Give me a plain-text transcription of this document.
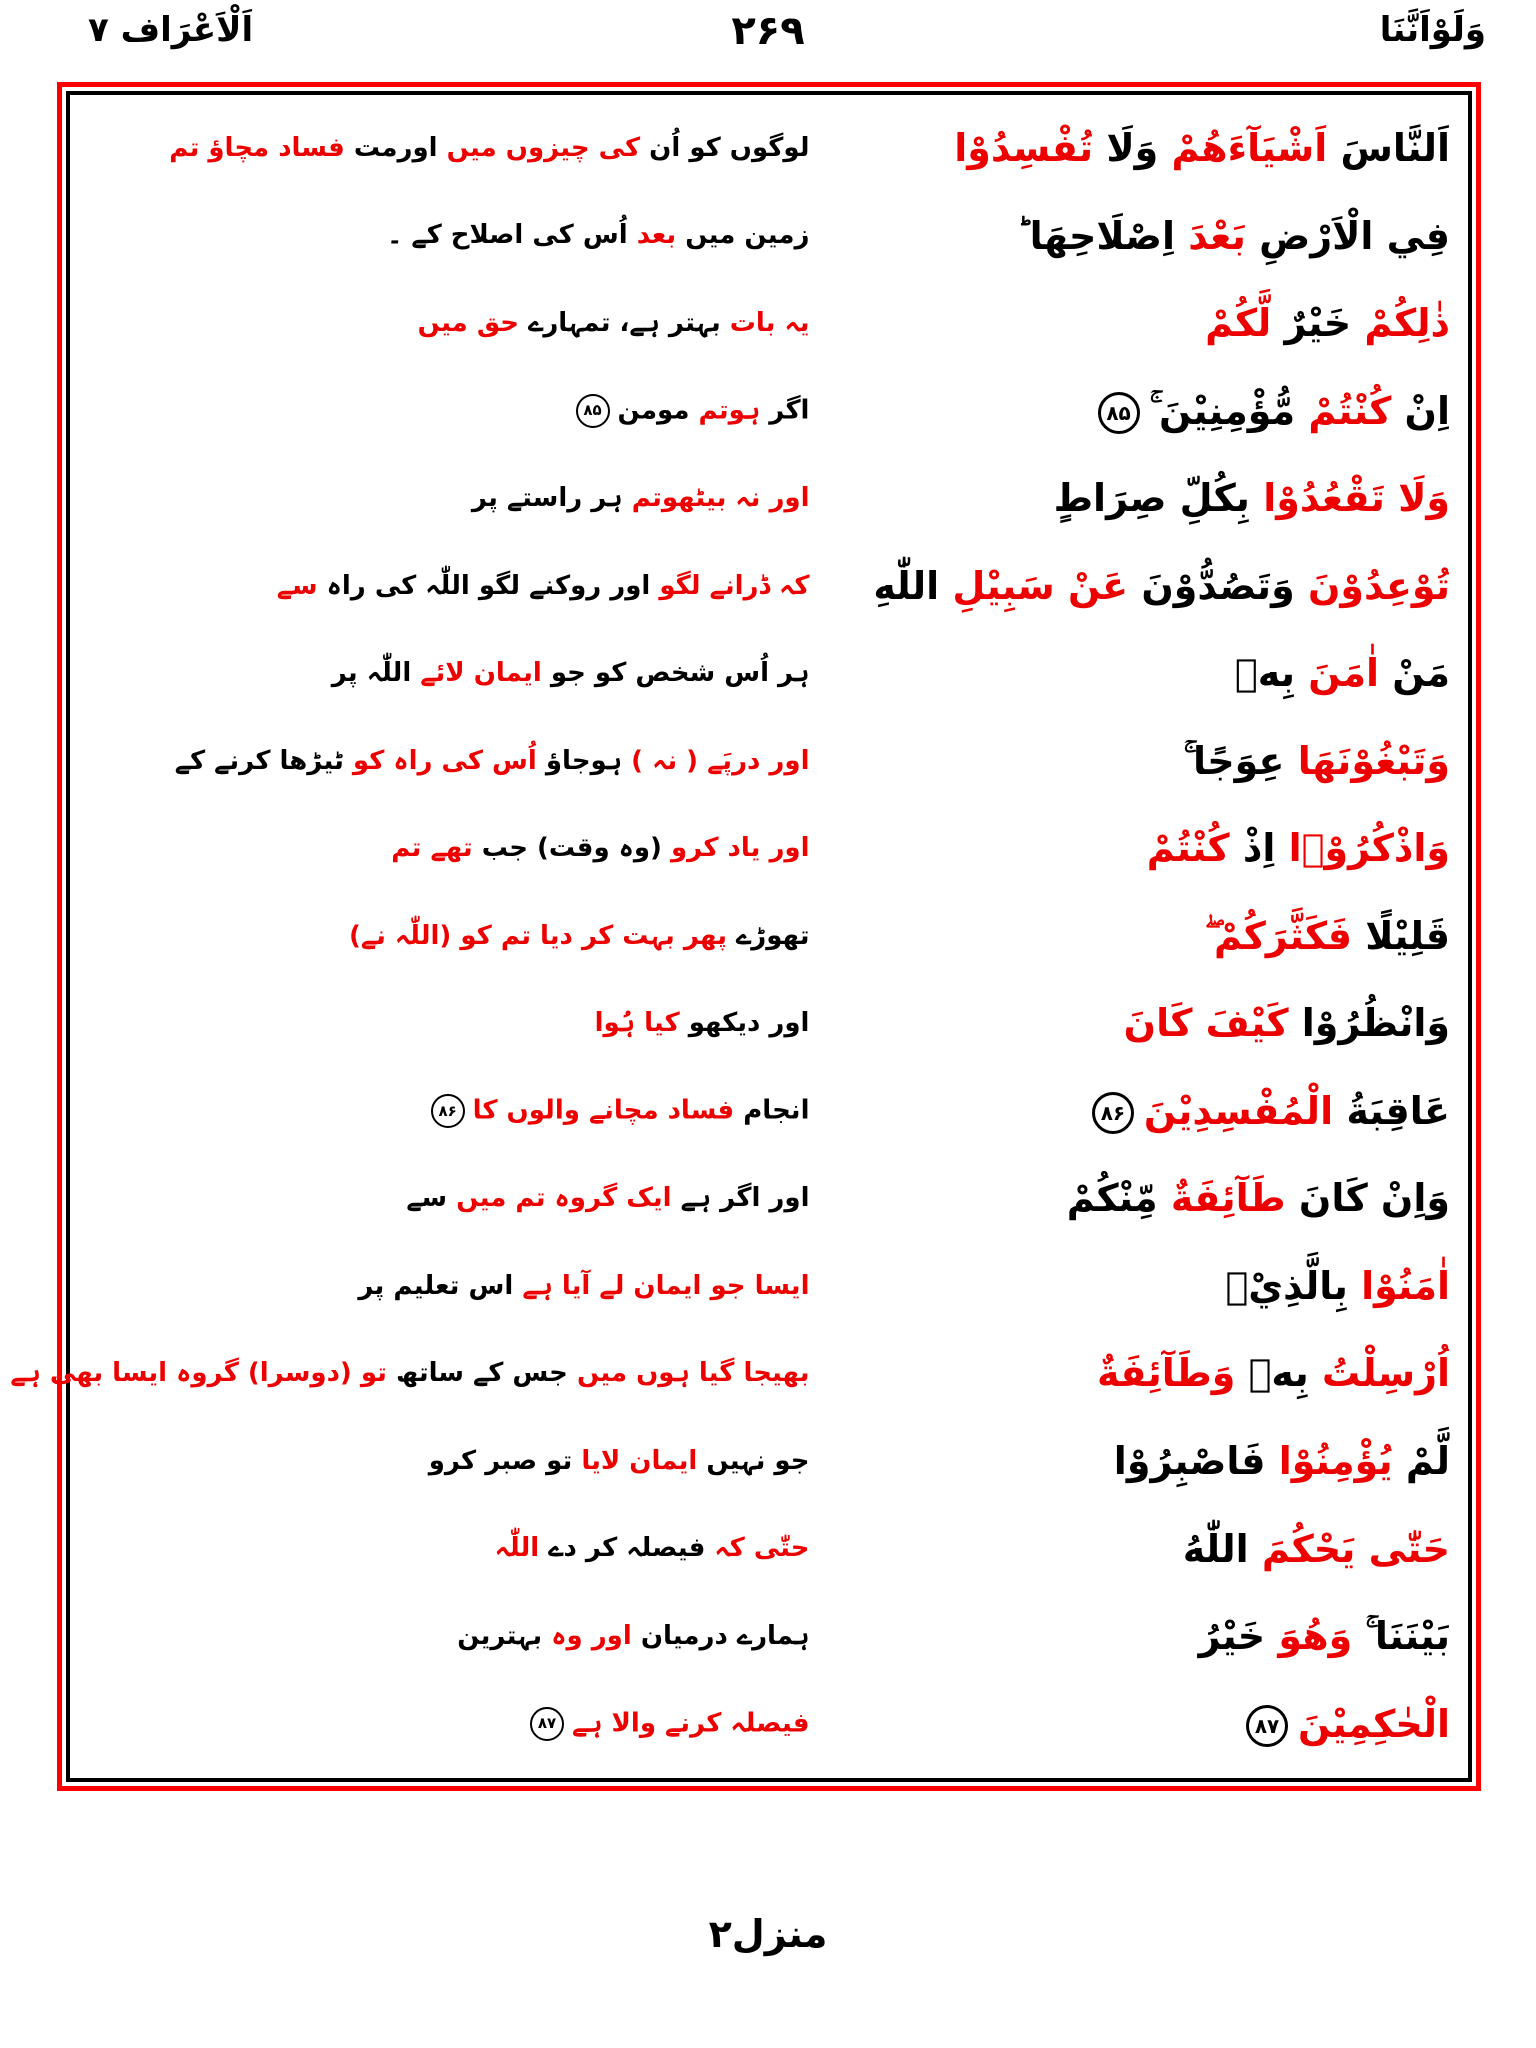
اَلْاَعْرَاف ۷	۲۶۹	وَلَوْاَنَّنَا
اَلنَّاسَ اَشْيَآءَهُمْ وَلَا تُفْسِدُوْا
لوگوں کو اُن کی چیزوں میں اورمت فساد مچاؤ تم
فِي الْاَرْضِ بَعْدَ اِصْلَاحِهَا ؕ
زمین میں بعد اُس کی اصلاح کے ۔
ذٰلِكُمْ خَيْرٌ لَّكُمْ
یہ بات بہتر ہے، تمہارے حق میں
اِنْ كُنْتُمْ مُّؤْمِنِيْنَ ۚ۸۵
اگر ہوتم مومن۸۵
وَلَا تَقْعُدُوْا بِكُلِّ صِرَاطٍ
اور نہ بیٹھوتم ہر راستے پر
تُوْعِدُوْنَ وَتَصُدُّوْنَ عَنْ سَبِيْلِ اللّٰهِ
کہ ڈرانے لگو اور روکنے لگو اللّٰہ کی راہ سے
مَنْ اٰمَنَ بِهٖ
ہر اُس شخص کو جو ایمان لائے اللّٰہ پر
وَتَبْغُوْنَهَا عِوَجًا ۚ
اور درپَے ( نہ ) ہوجاؤ اُس کی راہ کو ٹیڑھا کرنے کے
وَاذْكُرُوْۤا اِذْ كُنْتُمْ
اور یاد کرو (وہ وقت) جب تھے تم
قَلِيْلًا فَكَثَّرَكُمْ ۖ
تھوڑے پھر بہت کر دیا تم کو (اللّٰہ نے)
وَانْظُرُوْا كَيْفَ كَانَ
اور دیکھو کیا ہُوا
عَاقِبَةُ الْمُفْسِدِيْنَ۸۶
انجام فساد مچانے والوں کا۸۶
وَاِنْ كَانَ طَآئِفَةٌ مِّنْكُمْ
اور اگر ہے ایک گروہ تم میں سے
اٰمَنُوْا بِالَّذِيْۤ
ایسا جو ایمان لے آیا ہے اس تعلیم پر
اُرْسِلْتُ بِهٖ وَطَآئِفَةٌ
بھیجا گیا ہوں میں جس کے ساتھ تو (دوسرا) گروہ ایسا بھی ہے
لَّمْ يُؤْمِنُوْا فَاصْبِرُوْا
جو نہیں ایمان لایا تو صبر کرو
حَتّٰى يَحْكُمَ اللّٰهُ
حتّٰی کہ فیصلہ کر دے اللّٰہ
بَيْنَنَا ۚ وَهُوَ خَيْرُ
ہمارے درمیان اور وہ بہترین
الْحٰكِمِيْنَ۸۷
فیصلہ کرنے والا ہے۸۷
منزل۲
